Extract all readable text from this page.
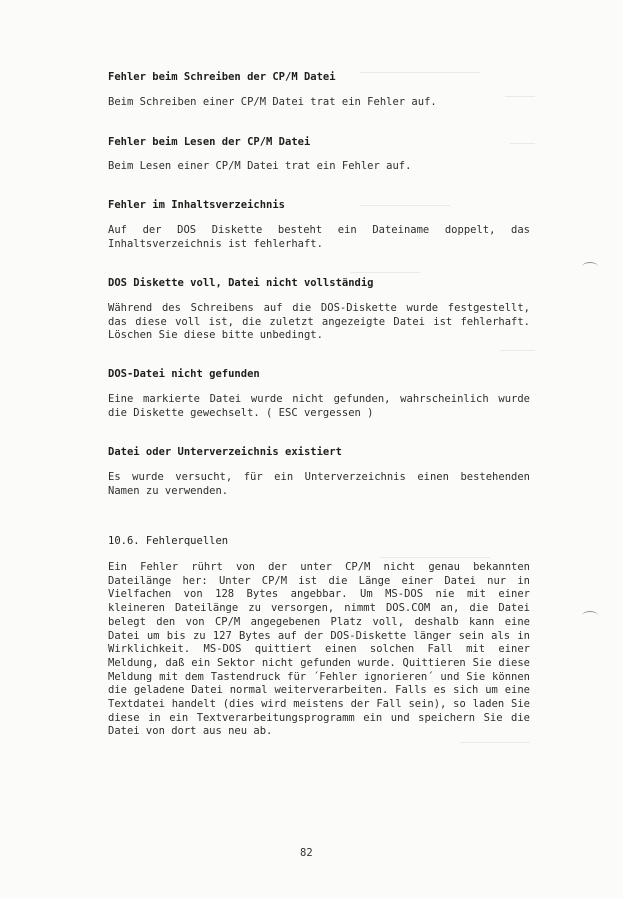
Fehler beim Schreiben der CP/M Datei

Beim Schreiben einer CP/M Datei trat ein Fehler auf.

Fehler beim Lesen der CP/M Datei

Beim Lesen einer CP/M Datei trat ein Fehler auf.

Fehler im Inhaltsverzeichnis

Auf der DOS Diskette besteht ein Dateiname doppelt, das Inhaltsverzeichnis ist fehlerhaft.

DOS Diskette voll, Datei nicht vollständig

Während des Schreibens auf die DOS-Diskette wurde festgestellt, das diese voll ist, die zuletzt angezeigte Datei ist fehlerhaft. Löschen Sie diese bitte unbedingt.

DOS-Datei nicht gefunden

Eine markierte Datei wurde nicht gefunden, wahrscheinlich wurde die Diskette gewechselt. ( ESC vergessen )

Datei oder Unterverzeichnis existiert

Es wurde versucht, für ein Unterverzeichnis einen bestehenden Namen zu verwenden.

10.6. Fehlerquellen

Ein Fehler rührt von der unter CP/M nicht genau bekannten Dateilänge her: Unter CP/M ist die Länge einer Datei nur in Vielfachen von 128 Bytes angebbar. Um MS-DOS nie mit einer kleineren Dateilänge zu versorgen, nimmt DOS.COM an, die Datei belegt den von CP/M angegebenen Platz voll, deshalb kann eine Datei um bis zu 127 Bytes auf der DOS-Diskette länger sein als in Wirklichkeit. MS-DOS quittiert einen solchen Fall mit einer Meldung, daß ein Sektor nicht gefunden wurde. Quittieren Sie diese Meldung mit dem Tastendruck für ´Fehler ignorieren´ und Sie können die geladene Datei normal weiterverarbeiten. Falls es sich um eine Textdatei handelt (dies wird meistens der Fall sein), so laden Sie diese in ein Textverarbeitungsprogramm ein und speichern Sie die Datei von dort aus neu ab.

82
